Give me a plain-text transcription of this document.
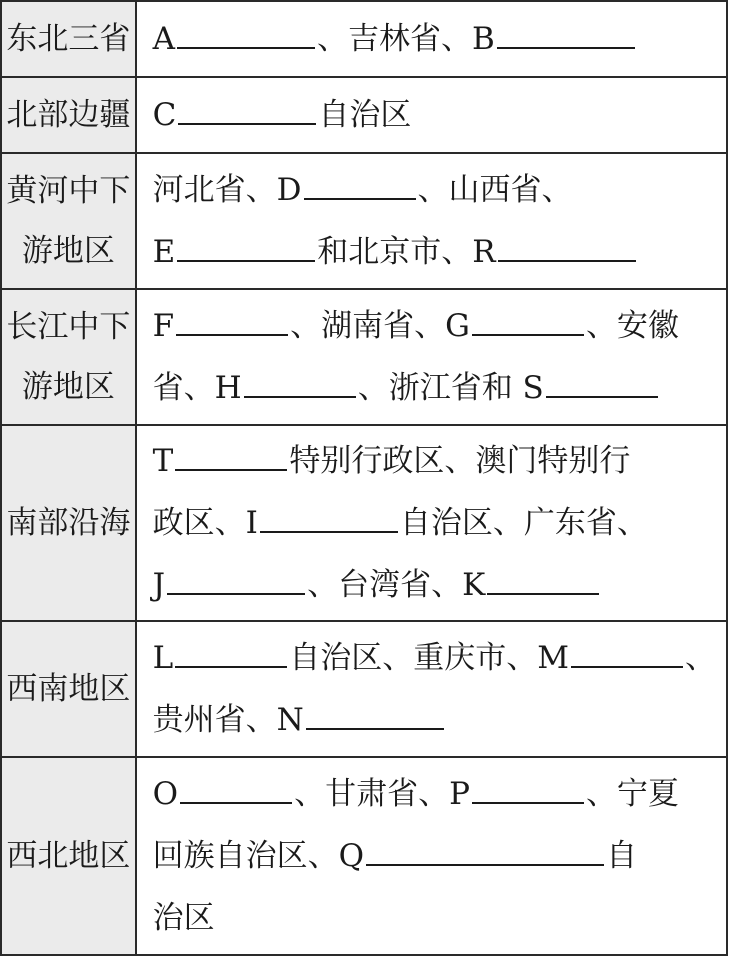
东北三省	A 、吉林省、B

北部边疆	C 自治区

黄河中下
游地区	河北省、D 、山西省、
E 和北京市、R

长江中下
游地区	F 、湖南省、G 、安徽
省、H 、浙江省和 S

南部沿海	T 特别行政区、澳门特别行
政区、I 自治区、广东省、
J 、台湾省、K

西南地区	L 自治区、重庆市、M 、
贵州省、N

西北地区	O 、甘肃省、P 、宁夏
回族自治区、Q 自
治区
